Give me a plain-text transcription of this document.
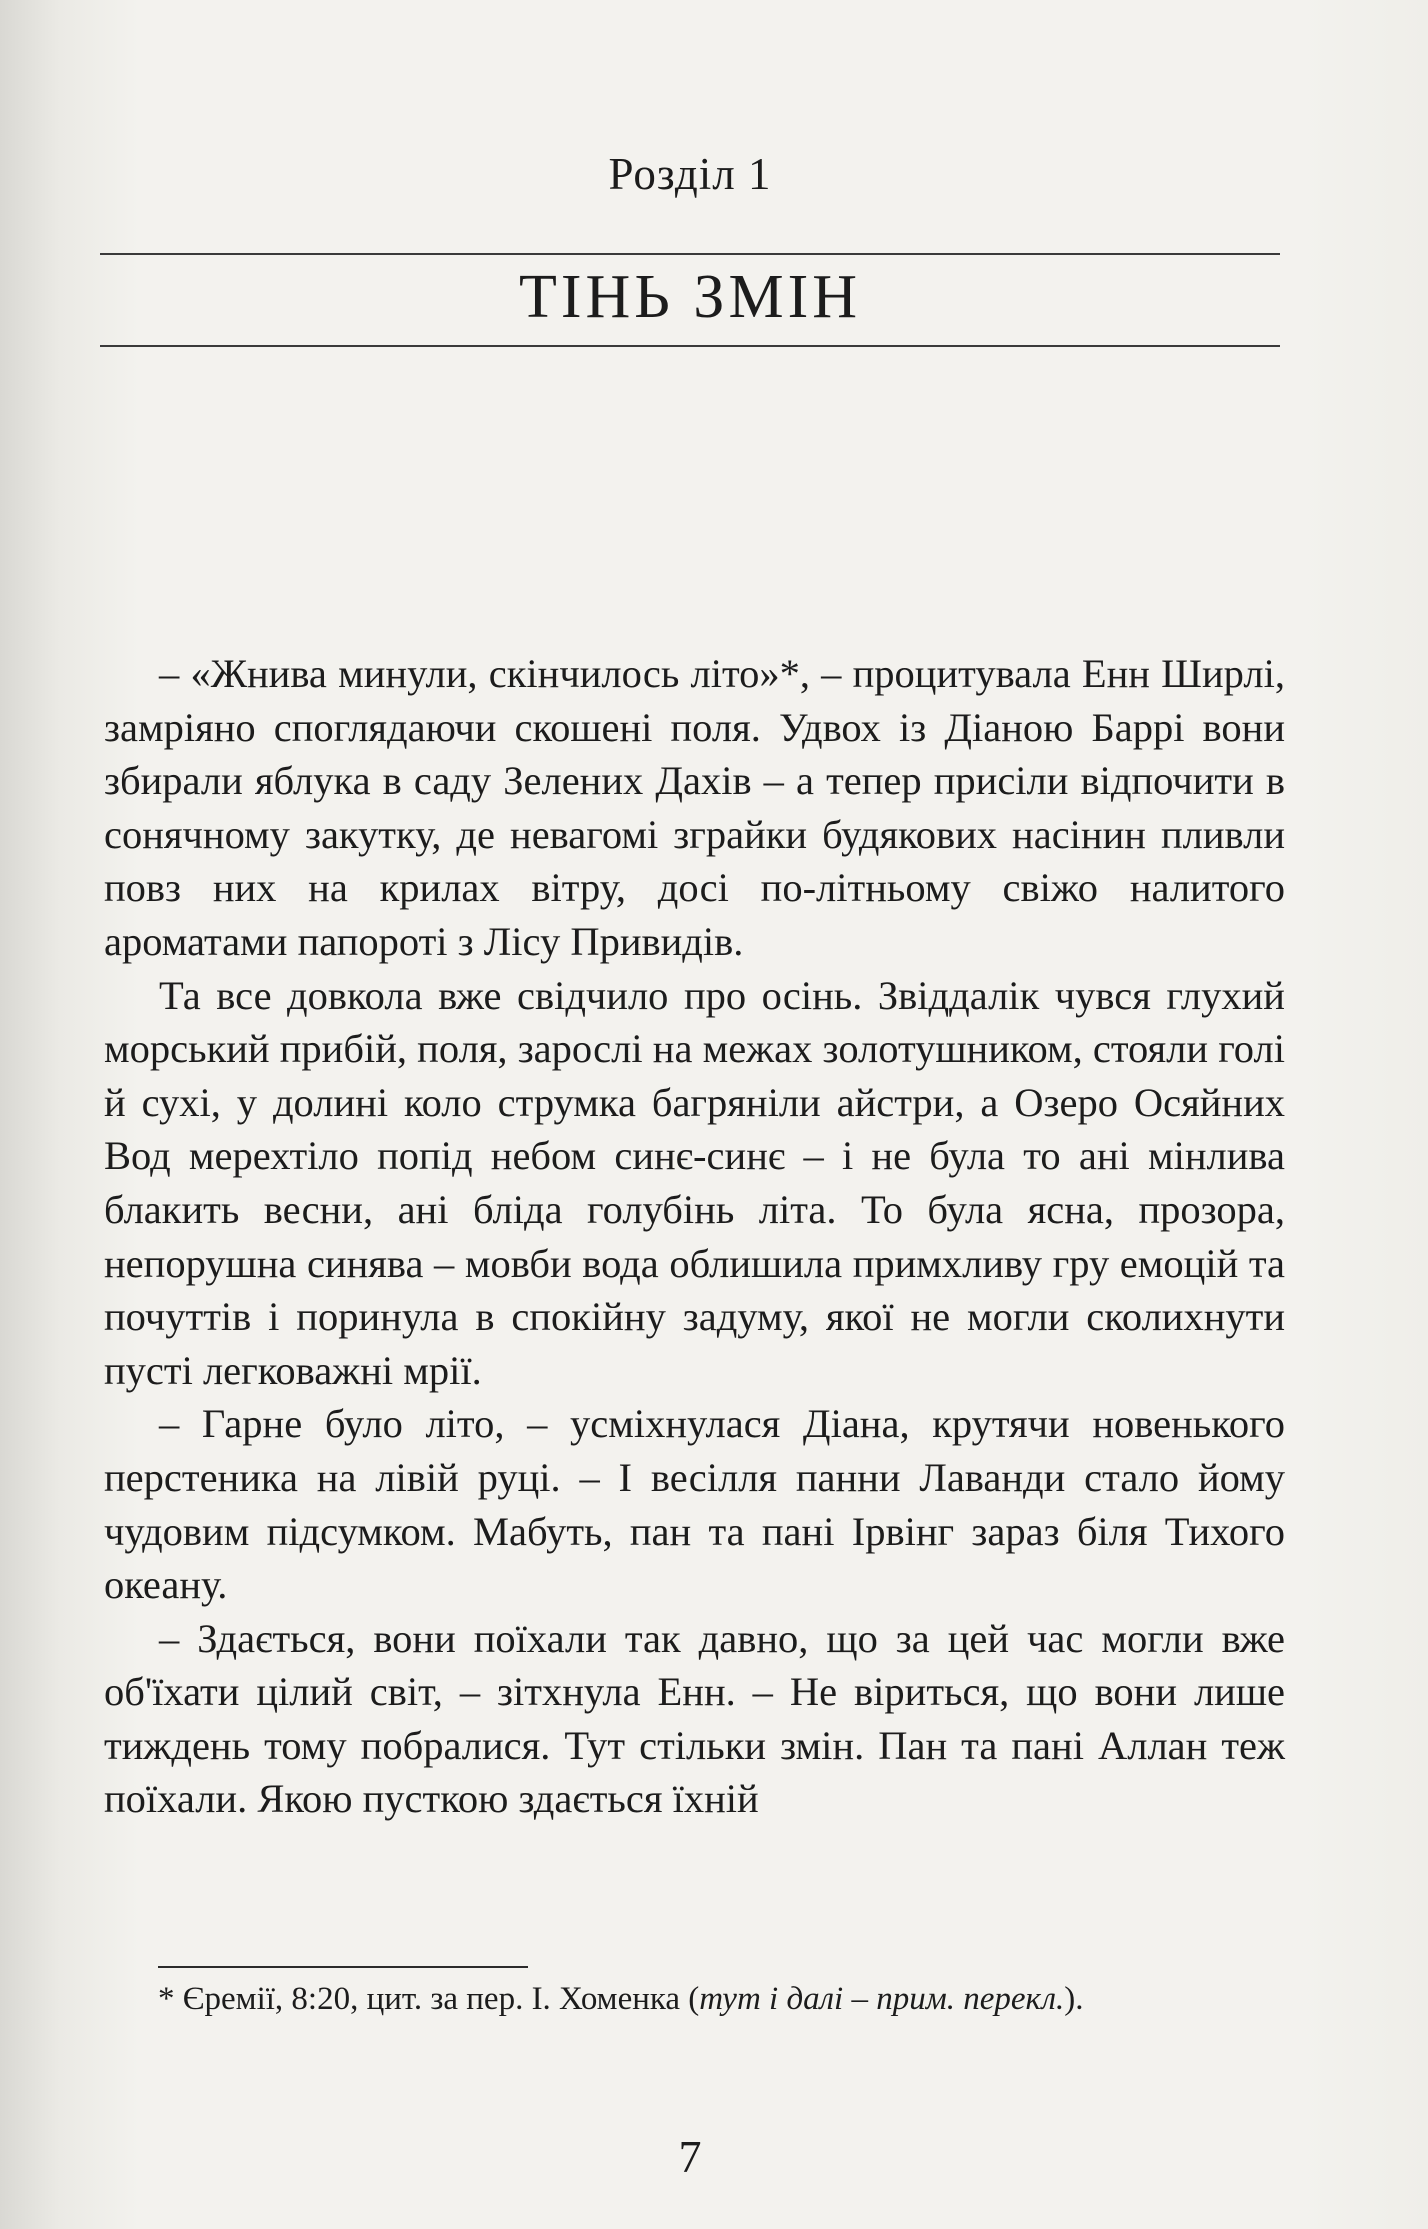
Розділ 1
ТІНЬ ЗМІН

– «Жнива минули, скінчилось літо»*, – процитувала Енн Ширлі, замріяно споглядаючи скошені поля. Удвох із Діаною Баррі вони збирали яблука в саду Зелених Дахів – а тепер присіли відпочити в сонячному закутку, де невагомі зграйки будякових насінин пливли повз них на крилах вітру, досі по-літньому свіжо налитого ароматами папороті з Лісу Привидів.

Та все довкола вже свідчило про осінь. Звіддалік чувся глухий морський прибій, поля, зарослі на межах золотушником, стояли голі й сухі, у долині коло струмка багряніли айстри, а Озеро Осяйних Вод мерехтіло попід небом синє-синє – і не була то ані мінлива блакить весни, ані бліда голубінь літа. То була ясна, прозора, непорушна синява – мовби вода облишила примхливу гру емоцій та почуттів і поринула в спокійну задуму, якої не могли сколихнути пусті легковажні мрії.

– Гарне було літо, – усміхнулася Діана, крутячи новенького перстеника на лівій руці. – І весілля панни Лаванди стало йому чудовим підсумком. Мабуть, пан та пані Ірвінг зараз біля Тихого океану.

– Здається, вони поїхали так давно, що за цей час могли вже об'їхати цілий світ, – зітхнула Енн. – Не віриться, що вони лише тиждень тому побралися. Тут стільки змін. Пан та пані Аллан теж поїхали. Якою пусткою здається їхній

* Єремії, 8:20, цит. за пер. І. Хоменка (тут і далі – прим. перекл.).

7
